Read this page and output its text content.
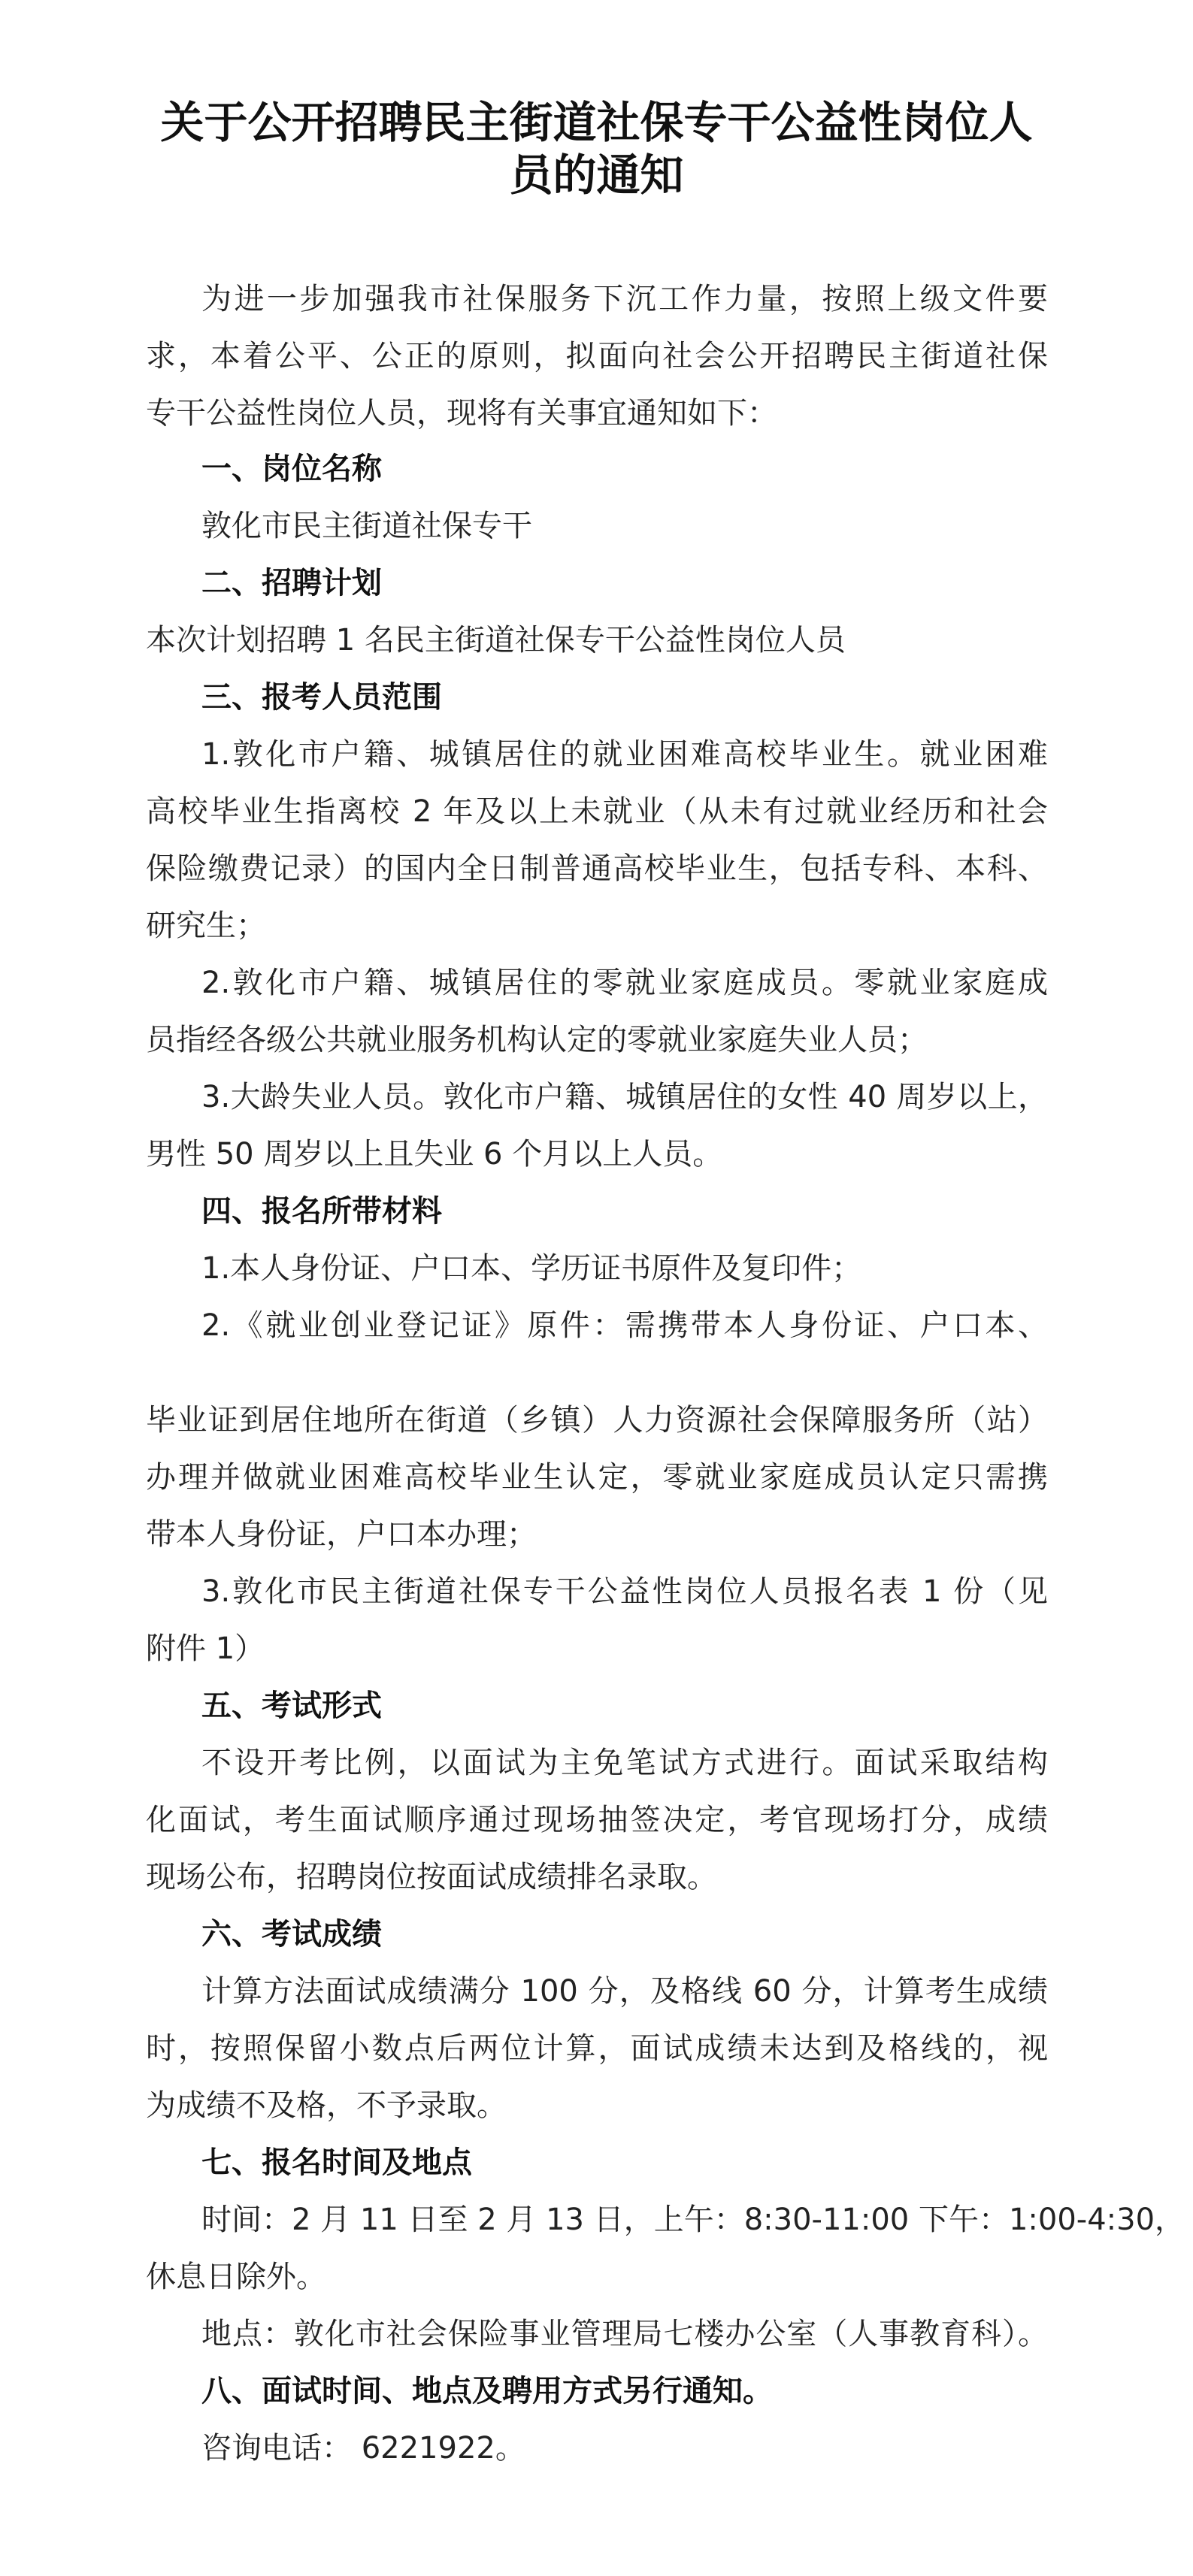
关于公开招聘民主街道社保专干公益性岗位人
员的通知

为进一步加强我市社保服务下沉工作力量，按照上级文件要

求，本着公平、公正的原则，拟面向社会公开招聘民主街道社保

专干公益性岗位人员，现将有关事宜通知如下：

一、岗位名称

敦化市民主街道社保专干

二、招聘计划

本次计划招聘 1 名民主街道社保专干公益性岗位人员

三、报考人员范围

1.敦化市户籍、城镇居住的就业困难高校毕业生。就业困难

高校毕业生指离校 2 年及以上未就业（从未有过就业经历和社会

保险缴费记录）的国内全日制普通高校毕业生，包括专科、本科、

研究生；

2.敦化市户籍、城镇居住的零就业家庭成员。零就业家庭成

员指经各级公共就业服务机构认定的零就业家庭失业人员；

3.大龄失业人员。敦化市户籍、城镇居住的女性 40 周岁以上，

男性 50 周岁以上且失业 6 个月以上人员。

四、报名所带材料

1.本人身份证、户口本、学历证书原件及复印件；

2.《就业创业登记证》原件：需携带本人身份证、户口本、

毕业证到居住地所在街道（乡镇）人力资源社会保障服务所（站）

办理并做就业困难高校毕业生认定，零就业家庭成员认定只需携

带本人身份证，户口本办理；

3.敦化市民主街道社保专干公益性岗位人员报名表 1 份（见

附件 1）

五、考试形式

不设开考比例，以面试为主免笔试方式进行。面试采取结构

化面试，考生面试顺序通过现场抽签决定，考官现场打分，成绩

现场公布，招聘岗位按面试成绩排名录取。

六、考试成绩

计算方法面试成绩满分 100 分，及格线 60 分，计算考生成绩

时，按照保留小数点后两位计算，面试成绩未达到及格线的，视

为成绩不及格，不予录取。

七、报名时间及地点

时间：2 月 11 日至 2 月 13 日，上午：8:30-11:00 下午：1:00-4:30，

休息日除外。

地点：敦化市社会保险事业管理局七楼办公室（人事教育科）。

八、面试时间、地点及聘用方式另行通知。

咨询电话： 6221922。
